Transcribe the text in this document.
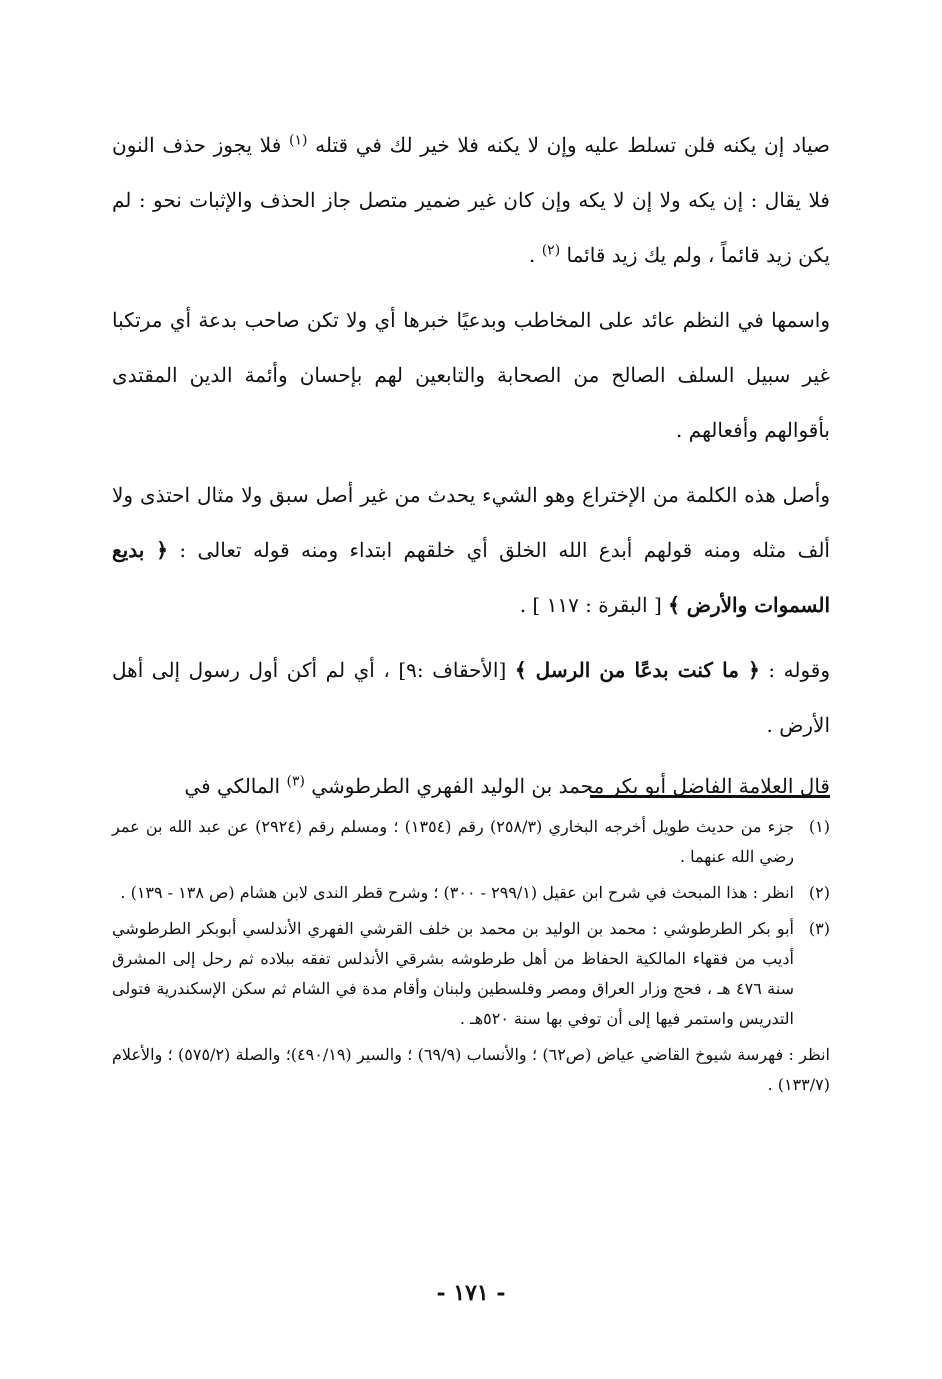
صياد إن يكنه فلن تسلط عليه وإن لا يكنه فلا خير لك في قتله $^{(١)}$ فلا يجوز حذف النون فلا يقال : إن يكه ولا إن لا يكه وإن كان غير ضمير متصل جاز الحذف والإثبات نحو : لم يكن زيد قائماً ، ولم يك زيد قائما $^{(٢)}$ .

واسمها في النظم عائد على المخاطب وبدعيًا خبرها أي ولا تكن صاحب بدعة أي مرتكبا غير سبيل السلف الصالح من الصحابة والتابعين لهم بإحسان وأئمة الدين المقتدى بأقوالهم وأفعالهم .

وأصل هذه الكلمة من الإختراع وهو الشيء يحدث من غير أصل سبق ولا مثال احتذى ولا ألف مثله ومنه قولهم أبدع الله الخلق أي خلقهم ابتداء ومنه قوله تعالى : ﴿ بديع السموات والأرض ﴾ [ البقرة : ١١٧ ] .

وقوله : ﴿ ما كنت بدعًا من الرسل ﴾ [الأحقاف :٩] ، أي لم أكن أول رسول إلى أهل الأرض .

قال العلامة الفاضل أبو بكر محمد بن الوليد الفهري الطرطوشي $^{(٣)}$ المالكي في

(١)
جزء من حديث طويل أخرجه البخاري (٢٥٨/٣) رقم (١٣٥٤) ؛ ومسلم رقم (٢٩٢٤) عن عبد الله بن عمر رضي الله عنهما .
(٢)
انظر : هذا المبحث في شرح ابن عقيل (٢٩٩/١ - ٣٠٠) ؛ وشرح قطر الندى لابن هشام (ص ١٣٨ - ١٣٩) .
(٣)
أبو بكر الطرطوشي : محمد بن الوليد بن محمد بن خلف القرشي الفهري الأندلسي أبوبكر الطرطوشي أديب من فقهاء المالكية الحفاظ من أهل طرطوشه بشرقي الأندلس تفقه ببلاده ثم رحل إلى المشرق سنة ٤٧٦ هـ ، فحج وزار العراق ومصر وفلسطين ولبنان وأقام مدة في الشام ثم سكن الإسكندرية فتولى التدريس واستمر فيها إلى أن توفي بها سنة ٥٢٠هـ .
انظر : فهرسة شيوخ القاضي عياض (ص٦٢) ؛ والأنساب (٦٩/٩) ؛ والسير (٤٩٠/١٩)؛ والصلة (٥٧٥/٢) ؛ والأعلام (١٣٣/٧) .
- ١٧١ -
